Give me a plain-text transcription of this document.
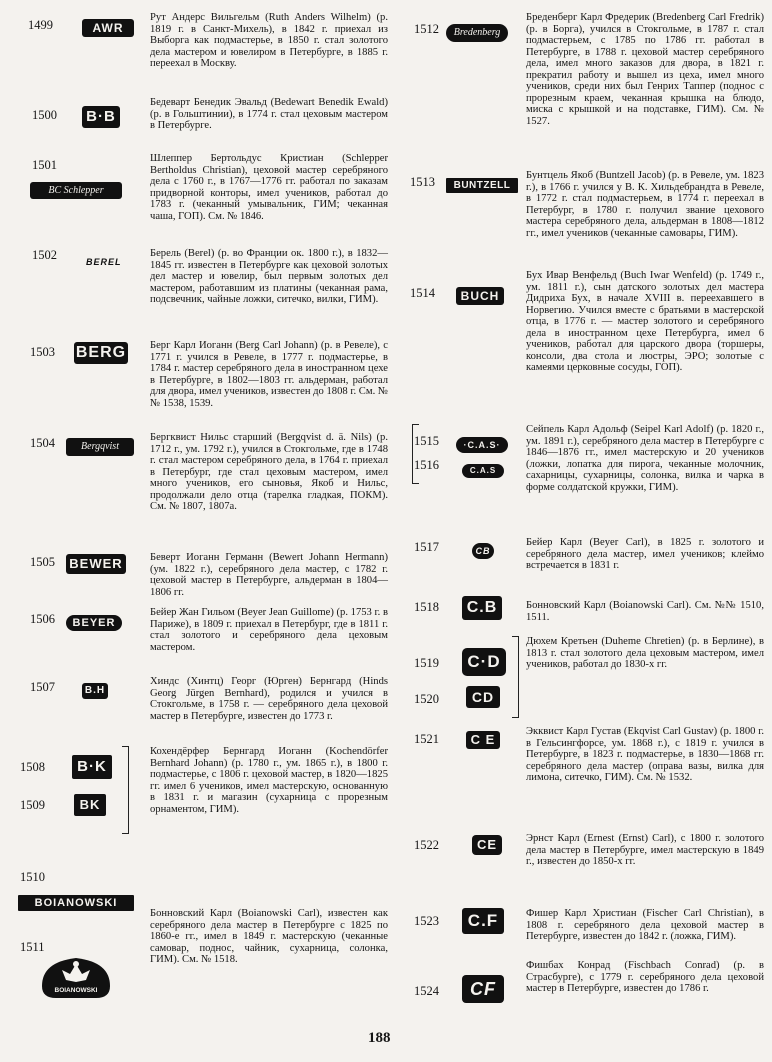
1499	AWR
Рут Андерс Вильгельм (Ruth Anders Wilhelm) (р. 1819 г. в Санкт-Михель), в 1842 г. приехал из Выборга как подмастерье, в 1850 г. стал золотого дела мастером и ювелиром в Петербурге, в 1885 г. переехал в Москву.
1500 B·B
Бедеварт Бенедик Эвальд (Bedewart Benedik Ewald) (р. в Гольштинии), в 1774 г. стал цеховым мастером в Петербурге.
1501
BC Schlepper
Шлеппер Бертольдус Кристиан (Schlepper Bertholdus Christian), цеховой мастер серебряного дела с 1760 г., в 1767—1776 гг. работал по заказам придворной конторы, имел учеников, работал до 1783 г. (чеканный умывальник, ГИМ; чеканная чаша, ГОП). См. № 1846.
1502	BEREL
Берель (Berel) (р. во Франции ок. 1800 г.), в 1832—1845 гг. известен в Петербурге как цеховой золотых дел мастер и ювелир, был первым золотых дел мастером, работавшим из платины (чеканная рама, подсвечник, чайные ложки, ситечко, вилки, ГИМ).
1503 BERG Берг Карл Иоганн (Berg Carl Johann) (р. в Ревеле), с 1771 г. учился в Ревеле, в 1777 г. подмастерье, в 1784 г. мастер серебряного дела в иностранном цехе в Петербурге, в 1802—1803 гг. альдерман, работал для двора, имел учеников, известен до 1808 г. См. №№ 1538, 1539.
1504	Bergqvist
Бергквист Нильс старший (Bergqvist d. ä. Nils) (р. 1712 г., ум. 1792 г.), учился в Стокгольме, где в 1748 г. стал мастером серебряного дела, в 1764 г. приехал в Петербург, где стал цеховым мастером, имел много учеников, его сыновья, Якоб и Нильс, продолжали дело отца (тарелка гладкая, ПОКМ). См. № 1807, 1807а.
1505 BEWER	Беверт Иоганн Германн (Bewert Johann Hermann) (ум. 1822 г.), серебряного дела мастер, с 1782 г. цеховой мастер в Петербурге, альдерман в 1804—1806 гг.
1506	BEYER
Бейер Жан Гильом (Beyer Jean Guillome) (р. 1753 г. в Париже), в 1809 г. приехал в Петербург, где в 1811 г. стал золотого и серебряного дела цеховым мастером.
1507	B.H
Хиндс (Хинтц) Георг (Юрген) Бернгард (Hinds Georg Jürgen Bernhard), родился и учился в Стокгольме, в 1758 г. — серебряного дела цеховой мастер в Петербурге, известен до 1773 г.
1508	B·K
1509	BK
Кохендёрфер Бернгард Иоганн (Kochendörfer Bernhard Johann) (р. 1780 г., ум. 1865 г.), в 1800 г. подмастерье, с 1806 г. цеховой мастер, в 1820—1825 гг. имел 6 учеников, имел мастерскую, основанную в 1831 г. и магазин (сухарница с прорезным орнаментом, ГИМ).
1510
BOIANOWSKI
1511
BOIANOWSKI
Бонновский Карл (Boianowski Carl), известен как серебряного дела мастер в Петербурге с 1825 по 1860-е гг., имел в 1849 г. мастерскую (чеканные самовар, поднос, чайник, сухарница, солонка, ГИМ). См. № 1518.
1512	Bredenberg
Бреденберг Карл Фредерик (Bredenberg Carl Fredrik) (р. в Борга), учился в Стокгольме, в 1787 г. стал подмастерьем, с 1785 по 1786 гг. работал в Петербурге, в 1788 г. цеховой мастер серебряного дела, имел много заказов для двора, в 1821 г. прекратил работу и вышел из цеха, имел много учеников, среди них был Генрих Таппер (поднос с прорезным краем, чеканная крышка на блюдо, миска с крышкой и на подставке, ГИМ). См. № 1527.
1513	BUNTZELL
Бунтцель Якоб (Buntzell Jacob) (р. в Ревеле, ум. 1823 г.), в 1766 г. учился у В. К. Хильдебрандта в Ревеле, в 1772 г. стал подмастерьем, в 1774 г. переехал в Петербург, в 1780 г. получил звание цехового мастера серебряного дела, альдерман в 1808—1812 гг., имел учеников (чеканные самовары, ГИМ).
1514	BUCH
Бух Ивар Венфельд (Buch Iwar Wenfeld) (р. 1749 г., ум. 1811 г.), сын датского золотых дел мастера Дидриха Бух, в начале XVIII в. переехавшего в Норвегию. Учился вместе с братьями в мастерской отца, в 1776 г. — мастер золотого и серебряного дела в иностранном цехе Петербурга, имел 6 учеников, работал для царского двора (торшеры, консоли, два стола и люстры, ЭРО; золотые с камеями церковные сосуды, ГОП).
1515	·C.A.S·
1516	C.A.S
Сейпель Карл Адольф (Seipel Karl Adolf) (р. 1820 г., ум. 1891 г.), серебряного дела мастер в Петербурге с 1846—1876 гг., имел мастерскую и 20 учеников (ложки, лопатка для пирога, чеканные молочник, сахарницы, сухарницы, солонка, вилка и чарка в форме солдатской кружки, ГИМ).
1517	CB
Бейер Карл (Beyer Carl), в 1825 г. золотого и серебряного дела мастер, имел учеников; клеймо встречается в 1831 г.
1518 C.B	Бонновский Карл (Boianowski Carl). См. №№ 1510, 1511.
1519	C·D
1520	CD
Дюхем Кретьен (Duheme Chretien) (р. в Берлине), в 1813 г. стал золотого дела цеховым мастером, имел учеников, работал до 1830-х гг.
1521	C E
Экквист Карл Густав (Ekqvist Carl Gustav) (р. 1800 г. в Гельсингфорсе, ум. 1868 г.), с 1819 г. учился в Петербурге, в 1823 г. подмастерье, в 1830—1868 гг. серебряного дела мастер (оправа вазы, вилка для лимона, ситечко, ГИМ). См. № 1532.
1522	CE	Эрнст Карл (Ernest (Ernst) Carl), с 1800 г. золотого дела мастер в Петербурге, имел мастерскую в 1849 г., известен до 1850-х гг.
1523	C.F	Фишер Карл Христиан (Fischer Carl Christian), в 1808 г. серебряного дела цеховой мастер в Петербурге, известен до 1842 г. (ложка, ГИМ).
1524	CF
Фишбах Конрад (Fischbach Conrad) (р. в Страсбурге), с 1779 г. серебряного дела цеховой мастер в Петербурге, известен до 1786 г.
188
